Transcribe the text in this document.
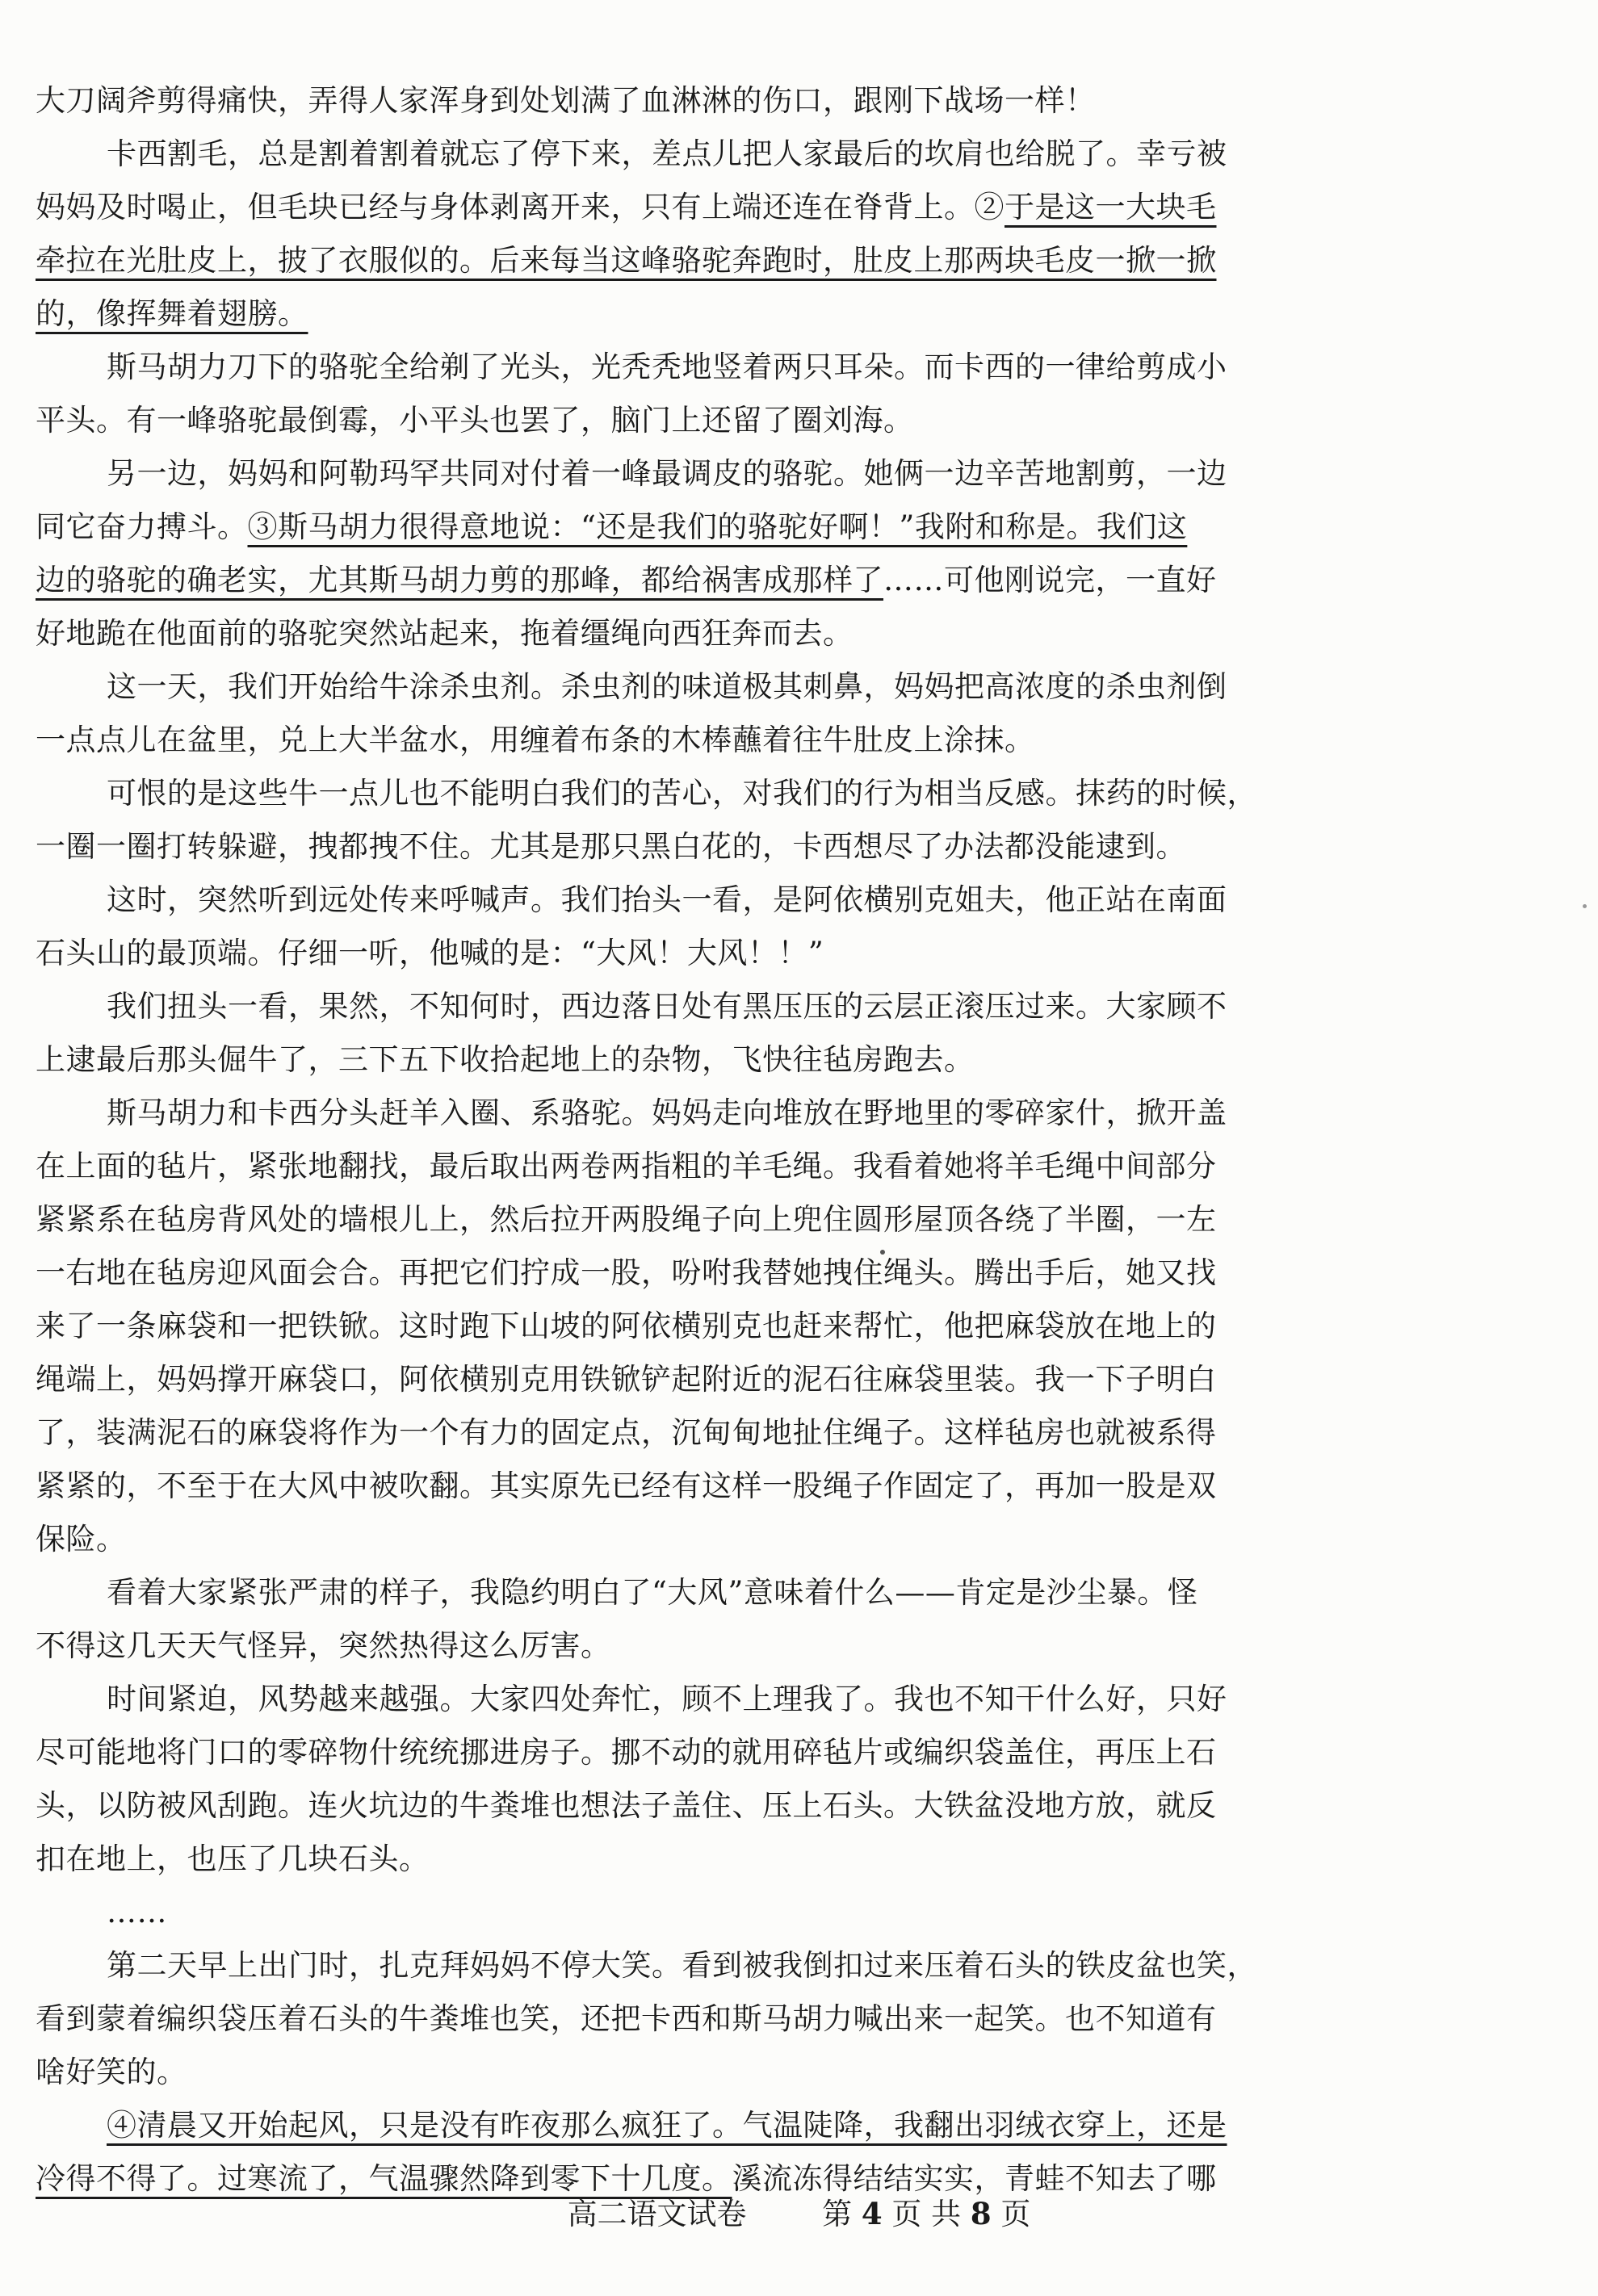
大刀阔斧剪得痛快，弄得人家浑身到处划满了血淋淋的伤口，跟刚下战场一样！
卡西割毛，总是割着割着就忘了停下来，差点儿把人家最后的坎肩也给脱了。幸亏被
妈妈及时喝止，但毛块已经与身体剥离开来，只有上端还连在脊背上。②于是这一大块毛
牵拉在光肚皮上，披了衣服似的。后来每当这峰骆驼奔跑时，肚皮上那两块毛皮一掀一掀
的，像挥舞着翅膀。
斯马胡力刀下的骆驼全给剃了光头，光秃秃地竖着两只耳朵。而卡西的一律给剪成小
平头。有一峰骆驼最倒霉，小平头也罢了，脑门上还留了圈刘海。
另一边，妈妈和阿勒玛罕共同对付着一峰最调皮的骆驼。她俩一边辛苦地割剪，一边
同它奋力搏斗。③斯马胡力很得意地说：“还是我们的骆驼好啊！”我附和称是。我们这
边的骆驼的确老实，尤其斯马胡力剪的那峰，都给祸害成那样了……可他刚说完，一直好
好地跪在他面前的骆驼突然站起来，拖着缰绳向西狂奔而去。
这一天，我们开始给牛涂杀虫剂。杀虫剂的味道极其刺鼻，妈妈把高浓度的杀虫剂倒
一点点儿在盆里，兑上大半盆水，用缠着布条的木棒蘸着往牛肚皮上涂抹。
可恨的是这些牛一点儿也不能明白我们的苦心，对我们的行为相当反感。抹药的时候，
一圈一圈打转躲避，拽都拽不住。尤其是那只黑白花的，卡西想尽了办法都没能逮到。
这时，突然听到远处传来呼喊声。我们抬头一看，是阿依横别克姐夫，他正站在南面
石头山的最顶端。仔细一听，他喊的是：“大风！大风！！”
我们扭头一看，果然，不知何时，西边落日处有黑压压的云层正滚压过来。大家顾不
上逮最后那头倔牛了，三下五下收拾起地上的杂物，飞快往毡房跑去。
斯马胡力和卡西分头赶羊入圈、系骆驼。妈妈走向堆放在野地里的零碎家什，掀开盖
在上面的毡片，紧张地翻找，最后取出两卷两指粗的羊毛绳。我看着她将羊毛绳中间部分
紧紧系在毡房背风处的墙根儿上，然后拉开两股绳子向上兜住圆形屋顶各绕了半圈，一左
一右地在毡房迎风面会合。再把它们拧成一股，吩咐我替她拽住绳头。腾出手后，她又找
来了一条麻袋和一把铁锨。这时跑下山坡的阿依横别克也赶来帮忙，他把麻袋放在地上的
绳端上，妈妈撑开麻袋口，阿依横别克用铁锨铲起附近的泥石往麻袋里装。我一下子明白
了，装满泥石的麻袋将作为一个有力的固定点，沉甸甸地扯住绳子。这样毡房也就被系得
紧紧的，不至于在大风中被吹翻。其实原先已经有这样一股绳子作固定了，再加一股是双
保险。
看着大家紧张严肃的样子，我隐约明白了“大风”意味着什么——肯定是沙尘暴。怪
不得这几天天气怪异，突然热得这么厉害。
时间紧迫，风势越来越强。大家四处奔忙，顾不上理我了。我也不知干什么好，只好
尽可能地将门口的零碎物什统统挪进房子。挪不动的就用碎毡片或编织袋盖住，再压上石
头，以防被风刮跑。连火坑边的牛粪堆也想法子盖住、压上石头。大铁盆没地方放，就反
扣在地上，也压了几块石头。
……
第二天早上出门时，扎克拜妈妈不停大笑。看到被我倒扣过来压着石头的铁皮盆也笑，
看到蒙着编织袋压着石头的牛粪堆也笑，还把卡西和斯马胡力喊出来一起笑。也不知道有
啥好笑的。
④清晨又开始起风，只是没有昨夜那么疯狂了。气温陡降，我翻出羽绒衣穿上，还是
冷得不得了。过寒流了，气温骤然降到零下十几度。溪流冻得结结实实，青蛙不知去了哪
高二语文试卷	第 4 页 共 8 页
